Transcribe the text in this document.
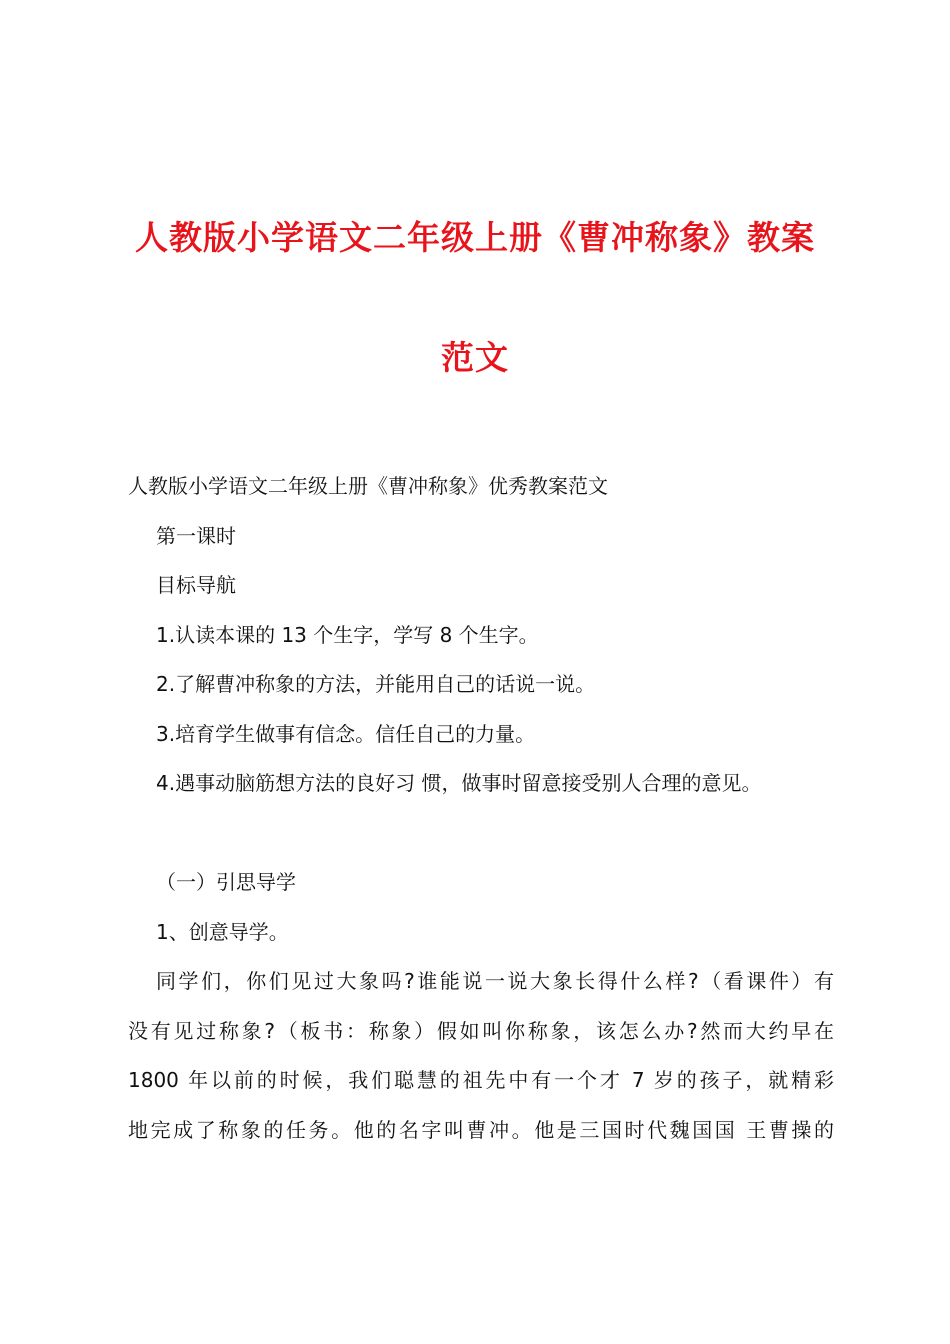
人教版小学语文二年级上册《曹冲称象》教案
范文

人教版小学语文二年级上册《曹冲称象》优秀教案范文

第一课时

目标导航

1.认读本课的 13 个生字，学写 8 个生字。

2.了解曹冲称象的方法，并能用自己的话说一说。

3.培育学生做事有信念。信任自己的力量。

4.遇事动脑筋想方法的良好习 惯，做事时留意接受别人合理的意见。

（一）引思导学

1、创意导学。

同学们，你们见过大象吗?谁能说一说大象长得什么样?（看课件）有
没有见过称象?（板书：称象）假如叫你称象，该怎么办?然而大约早在
1800 年以前的时候，我们聪慧的祖先中有一个才 7 岁的孩子，就精彩
地完成了称象的任务。他的名字叫曹冲。他是三国时代魏国国 王曹操的
